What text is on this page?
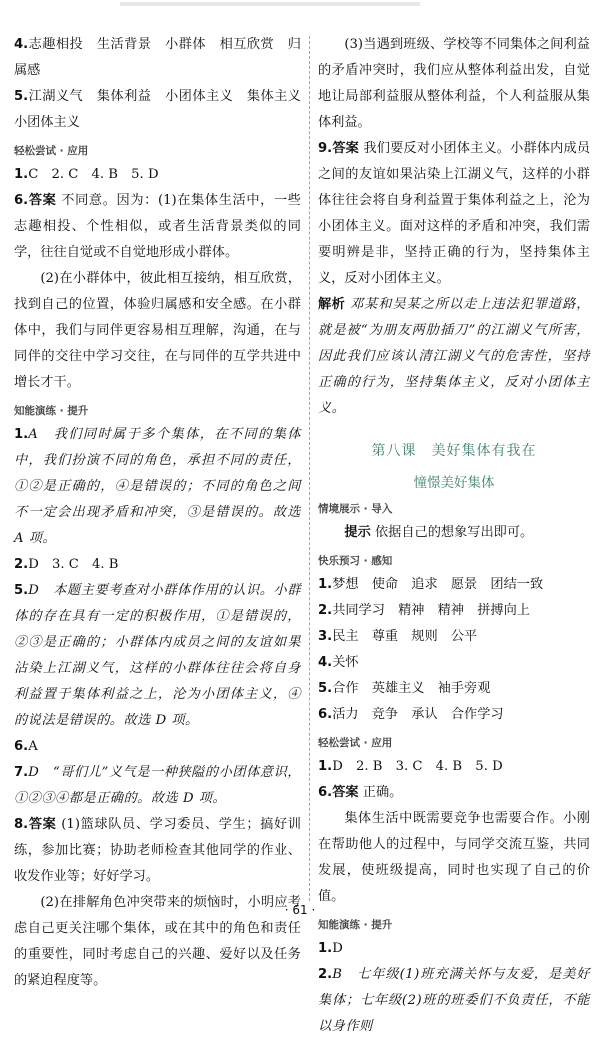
4.志趣相投　生活背景　小群体　相互欣赏　归属感

5.江湖义气　集体利益　小团体主义　集体主义　小团体主义

轻松尝试 · 应用

1.C　2. C　4. B　5. D

6.答案 不同意。因为：(1)在集体生活中，一些志趣相投、个性相似，或者生活背景类似的同学，往往自觉或不自觉地形成小群体。

(2)在小群体中，彼此相互接纳，相互欣赏，找到自己的位置，体验归属感和安全感。在小群体中，我们与同伴更容易相互理解，沟通，在与同伴的交往中学习交往，在与同伴的互学共进中增长才干。

知能演练 · 提升

1.A　我们同时属于多个集体，在不同的集体中，我们扮演不同的角色，承担不同的责任，①②是正确的，④是错误的；不同的角色之间不一定会出现矛盾和冲突，③是错误的。故选 A 项。

2.D　3. C　4. B

5.D　本题主要考查对小群体作用的认识。小群体的存在具有一定的积极作用，①是错误的，②③是正确的；小群体内成员之间的友谊如果沾染上江湖义气，这样的小群体往往会将自身利益置于集体利益之上，沦为小团体主义，④的说法是错误的。故选 D 项。

6.A

7.D　“哥们儿”义气是一种狭隘的小团体意识，①②③④都是正确的。故选 D 项。

8.答案 (1)篮球队员、学习委员、学生；搞好训练，参加比赛；协助老师检查其他同学的作业、收发作业等；好好学习。

(2)在排解角色冲突带来的烦恼时，小明应考虑自己更关注哪个集体，或在其中的角色和责任的重要性，同时考虑自己的兴趣、爱好以及任务的紧迫程度等。

(3)当遇到班级、学校等不同集体之间利益的矛盾冲突时，我们应从整体利益出发，自觉地让局部利益服从整体利益，个人利益服从集体利益。

9.答案 我们要反对小团体主义。小群体内成员之间的友谊如果沾染上江湖义气，这样的小群体往往会将自身利益置于集体利益之上，沦为小团体主义。面对这样的矛盾和冲突，我们需要明辨是非，坚持正确的行为，坚持集体主义，反对小团体主义。

解析 邓某和吴某之所以走上违法犯罪道路，就是被“为朋友两肋插刀”的江湖义气所害，因此我们应该认清江湖义气的危害性，坚持正确的行为，坚持集体主义，反对小团体主义。

第八课　美好集体有我在
憧憬美好集体
情境展示 · 导入

提示 依据自己的想象写出即可。

快乐预习 · 感知

1.梦想　使命　追求　愿景　团结一致

2.共同学习　精神　精神　拼搏向上

3.民主　尊重　规则　公平

4.关怀

5.合作　英雄主义　袖手旁观

6.活力　竞争　承认　合作学习

轻松尝试 · 应用

1.D　2. B　3. C　4. B　5. D

6.答案 正确。

集体生活中既需要竞争也需要合作。小刚在帮助他人的过程中，与同学交流互鉴，共同发展，使班级提高，同时也实现了自己的价值。

知能演练 · 提升

1.D

2.B　七年级(1)班充满关怀与友爱，是美好集体；七年级(2)班的班委们不负责任，不能以身作则

· 61 ·
